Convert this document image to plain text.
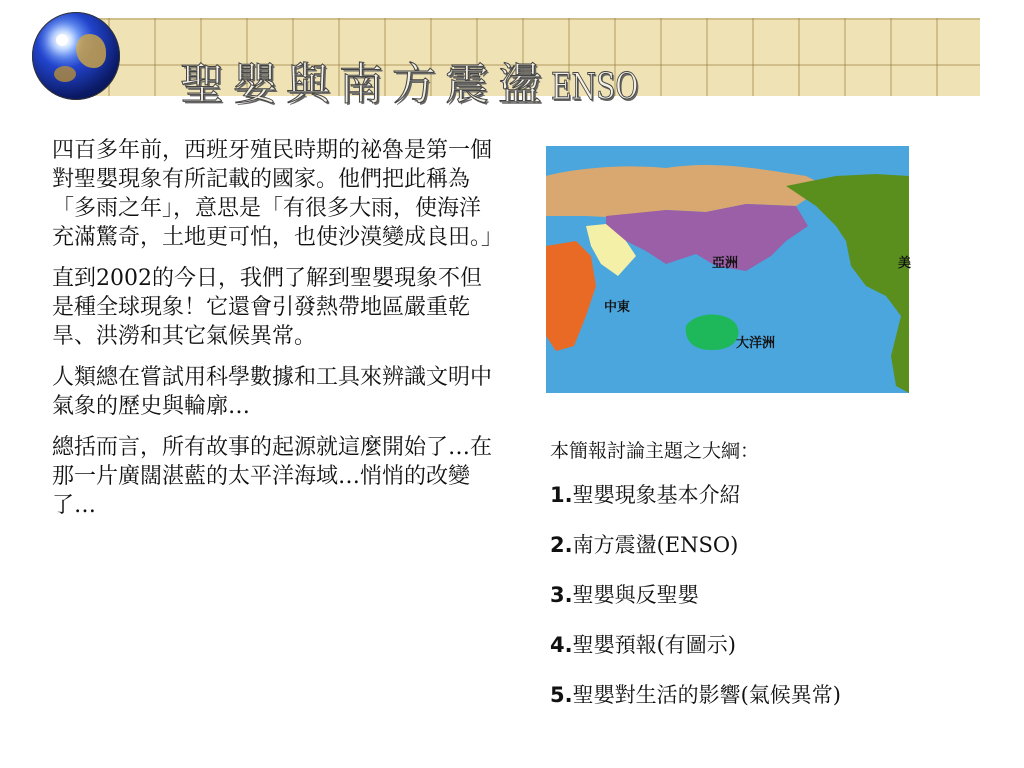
聖嬰與南方震盪ENSO

四百多年前，西班牙殖民時期的祕魯是第一個對聖嬰現象有所記載的國家。他們把此稱為「多雨之年」，意思是「有很多大雨，使海洋充滿驚奇，土地更可怕，也使沙漠變成良田。」

直到2002的今日，我們了解到聖嬰現象不但是種全球現象！它還會引發熱帶地區嚴重乾旱、洪澇和其它氣候異常。

人類總在嘗試用科學數據和工具來辨識文明中氣象的歷史與輪廓…

總括而言，所有故事的起源就這麼開始了…在那一片廣闊湛藍的太平洋海域…悄悄的改變了…

亞洲
中東
大洋洲
美
本簡報討論主題之大綱：
1.聖嬰現象基本介紹
2.南方震盪(ENSO)
3.聖嬰與反聖嬰
4.聖嬰預報(有圖示)
5.聖嬰對生活的影響(氣候異常)
